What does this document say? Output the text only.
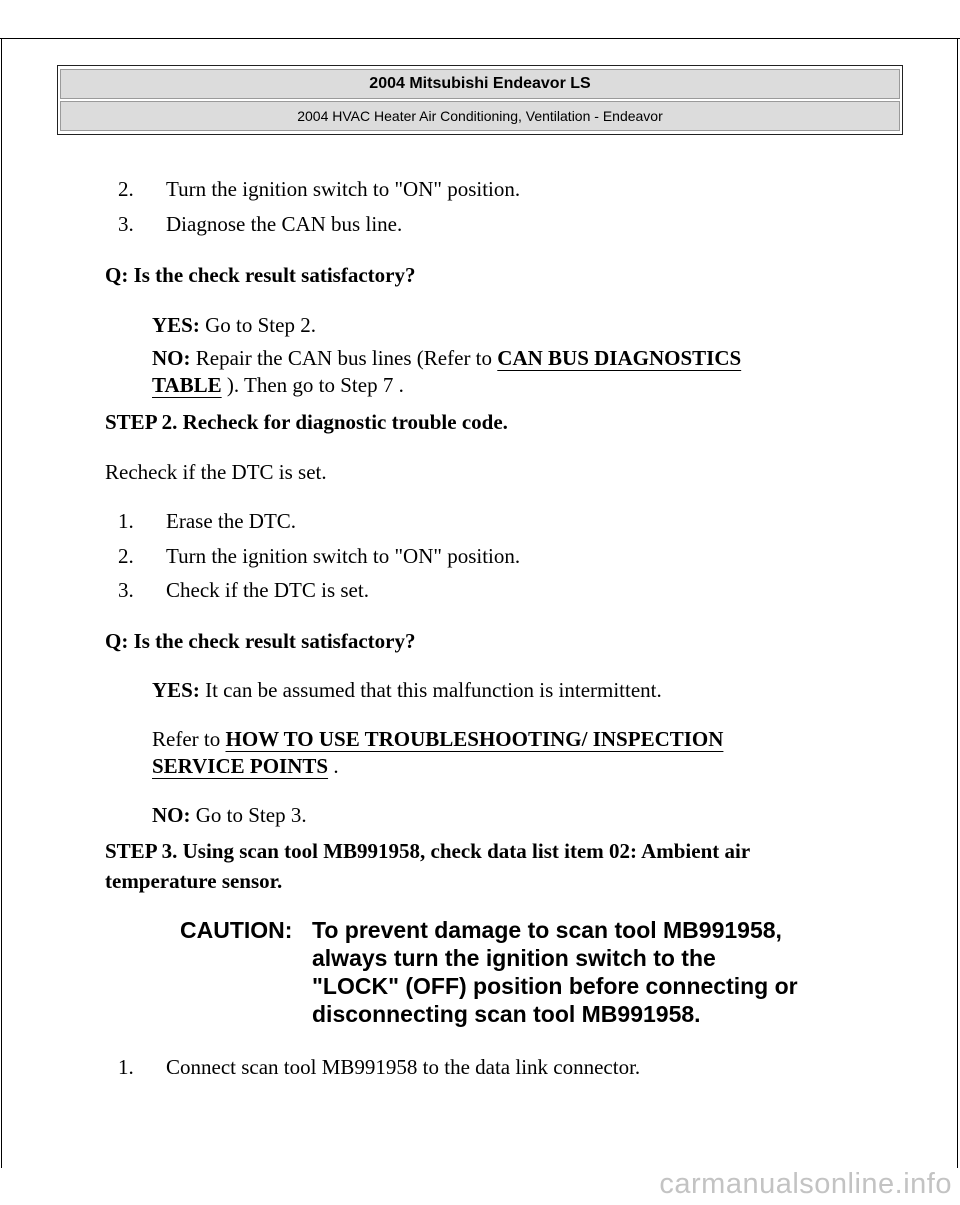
2004 Mitsubishi Endeavor LS
2004 HVAC Heater Air Conditioning, Ventilation - Endeavor
2. Turn the ignition switch to "ON" position.
3. Diagnose the CAN bus line.
Q: Is the check result satisfactory?
YES: Go to Step 2.
NO: Repair the CAN bus lines (Refer to CAN BUS DIAGNOSTICS
TABLE ). Then go to Step 7 .
STEP 2. Recheck for diagnostic trouble code.
Recheck if the DTC is set.
1. Erase the DTC.
2. Turn the ignition switch to "ON" position.
3. Check if the DTC is set.
Q: Is the check result satisfactory?
YES: It can be assumed that this malfunction is intermittent.
Refer to HOW TO USE TROUBLESHOOTING/ INSPECTION
SERVICE POINTS .
NO: Go to Step 3.
STEP 3. Using scan tool MB991958, check data list item 02: Ambient air
temperature sensor.
CAUTION: To prevent damage to scan tool MB991958,
always turn the ignition switch to the
"LOCK" (OFF) position before connecting or
disconnecting scan tool MB991958.
1. Connect scan tool MB991958 to the data link connector.
carmanualsonline.info
